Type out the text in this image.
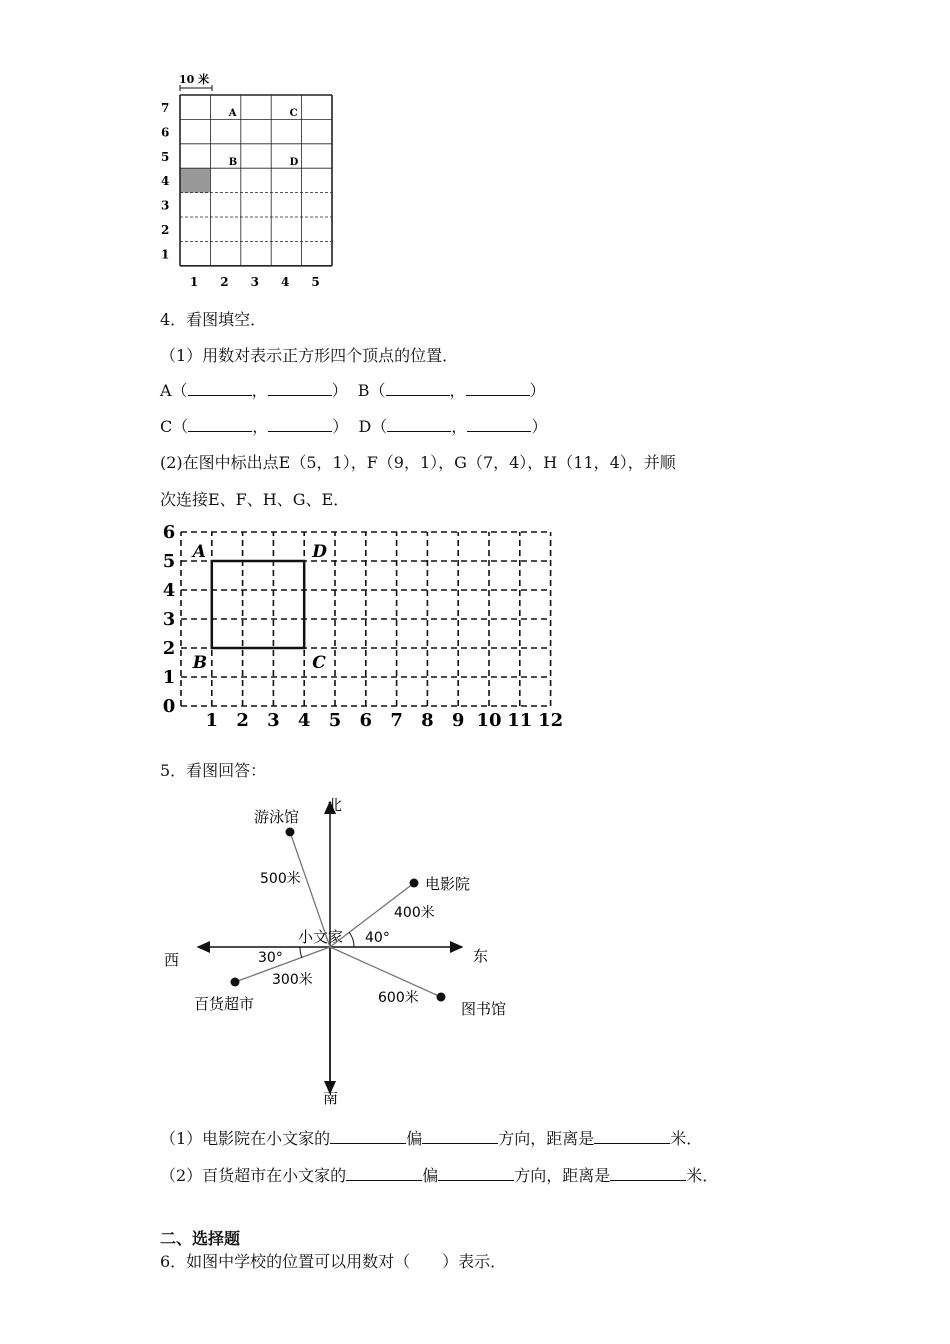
10 米
7
6
5
4
3
2
1
1 2 3 4 5
A	C
B	D
4．看图填空．
（1）用数对表示正方形四个顶点的位置．
A（	，	） B（	，	）
C（	，	） D（	，	）
(2)在图中标出点E（5，1），F（9，1），G（7，4），H（11，4），并顺
次连接E、F、H、G、E．
0
1 2 3 4 5 6 7 8 9 10 11 12
1
2
3
4
5
6
A
B	C
D
5．看图回答：
北
南
东
西
小文家
游泳馆
500米	电影院
400米
40°
百货超市
300米
30°
图书馆
600米
（1）电影院在小文家的	偏	方向，距离是	米．
（2）百货超市在小文家的	偏	方向，距离是	米．
二、选择题
6．如图中学校的位置可以用数对（　　）表示．
